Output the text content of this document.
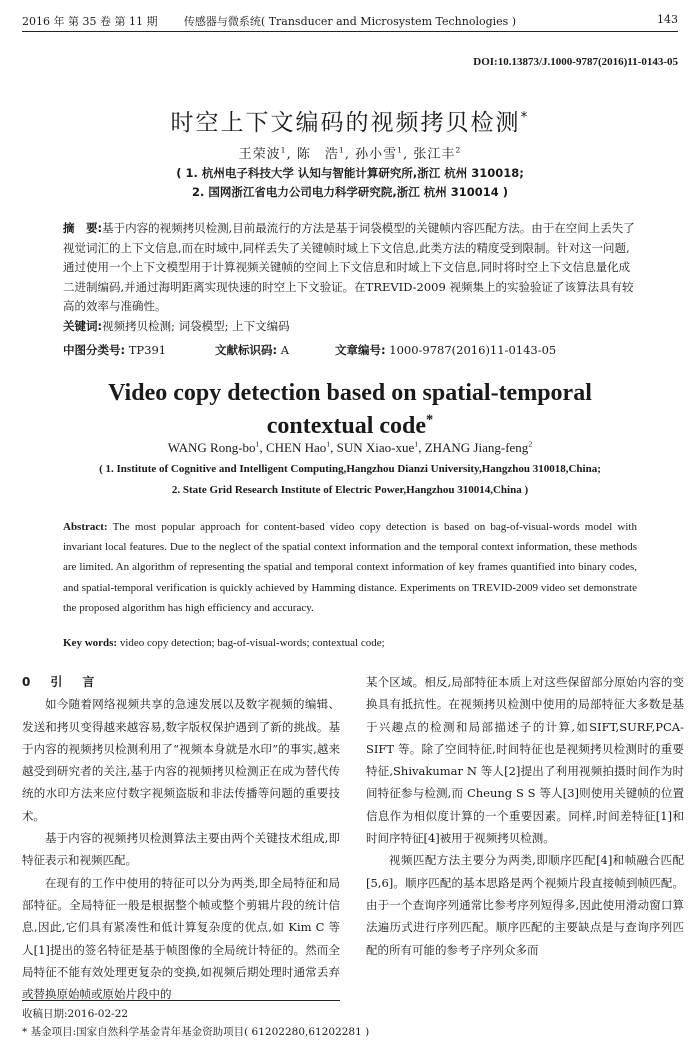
2016 年 第 35 卷 第 11 期	传感器与微系统( Transducer and Microsystem Technologies )	143
DOI:10.13873/J.1000-9787(2016)11-0143-05
时空上下文编码的视频拷贝检测*
王荣波$^1$, 陈　浩$^1$, 孙小雪$^1$, 张江丰$^2$
( 1. 杭州电子科技大学 认知与智能计算研究所,浙江 杭州 310018;
2. 国网浙江省电力公司电力科学研究院,浙江 杭州 310014 )
摘　要:基于内容的视频拷贝检测,目前最流行的方法是基于词袋模型的关键帧内容匹配方法。由于在空间上丢失了视觉词汇的上下文信息,而在时域中,同样丢失了关键帧时域上下文信息,此类方法的精度受到限制。针对这一问题,通过使用一个上下文模型用于计算视频关键帧的空间上下文信息和时域上下文信息,同时将时空上下文信息量化成二进制编码,并通过海明距离实现快速的时空上下文验证。在TREVID-2009 视频集上的实验验证了该算法具有较高的效率与准确性。
关键词:视频拷贝检测; 词袋模型; 上下文编码
中图分类号: TP391	文献标识码: A	文章编号: 1000-9787(2016)11-0143-05
Video copy detection based on spatial-temporal
contextual code*
WANG Rong-$bo^1$, CHEN Hao$^1$, SUN Xiao-xue$^1$, ZHANG Jiang-feng$^2$
( 1. Institute of Cognitive and Intelligent Computing,Hangzhou Dianzi University,Hangzhou 310018,China;
2. State Grid Research Institute of Electric Power,Hangzhou 310014,China )
Abstract: The most popular approach for content-based video copy detection is based on bag-of-visual-words model with invariant local features. Due to the neglect of the spatial context information and the temporal context information, these methods are limited. An algorithm of representing the spatial and temporal context information of key frames quantified into binary codes, and spatial-temporal verification is quickly achieved by Hamming distance. Experiments on TREVID-2009 video set demonstrate the proposed algorithm has high efficiency and accuracy.
Key words: video copy detection; bag-of-visual-words; contextual code;
0　引　言

如今随着网络视频共享的急速发展以及数字视频的编辑、发送和拷贝变得越来越容易,数字版权保护遇到了新的挑战。基于内容的视频拷贝检测利用了“视频本身就是水印”的事实,越来越受到研究者的关注,基于内容的视频拷贝检测正在成为替代传统的水印方法来应付数字视频盗版和非法传播等问题的重要技术。

基于内容的视频拷贝检测算法主要由两个关键技术组成,即特征表示和视频匹配。

在现有的工作中使用的特征可以分为两类,即全局特征和局部特征。全局特征一般是根据整个帧或整个剪辑片段的统计信息,因此,它们具有紧凑性和低计算复杂度的优点,如 Kim C 等人[1]提出的签名特征是基于帧图像的全局统计特征的。然而全局特征不能有效处理更复杂的变换,如视频后期处理时通常丢弃或替换原始帧或原始片段中的

某个区域。相反,局部特征本质上对这些保留部分原始内容的变换具有抵抗性。在视频拷贝检测中使用的局部特征大多数是基于兴趣点的检测和局部描述子的计算,如SIFT,SURF,PCA-SIFT 等。除了空间特征,时间特征也是视频拷贝检测时的重要特征,Shivakumar N 等人[2]提出了利用视频拍摄时间作为时间特征参与检测,而 Cheung S S 等人[3]则使用关键帧的位置信息作为相似度计算的一个重要因素。同样,时间差特征[1]和时间序特征[4]被用于视频拷贝检测。

视频匹配方法主要分为两类,即顺序匹配[4]和帧融合匹配[5,6]。顺序匹配的基本思路是两个视频片段直接帧到帧匹配。由于一个查询序列通常比参考序列短得多,因此使用滑动窗口算法遍历式进行序列匹配。顺序匹配的主要缺点是与查询序列匹配的所有可能的参考子序列众多而

收稿日期:2016-02-22
* 基金项目:国家自然科学基金青年基金资助项目( 61202280,61202281 )
